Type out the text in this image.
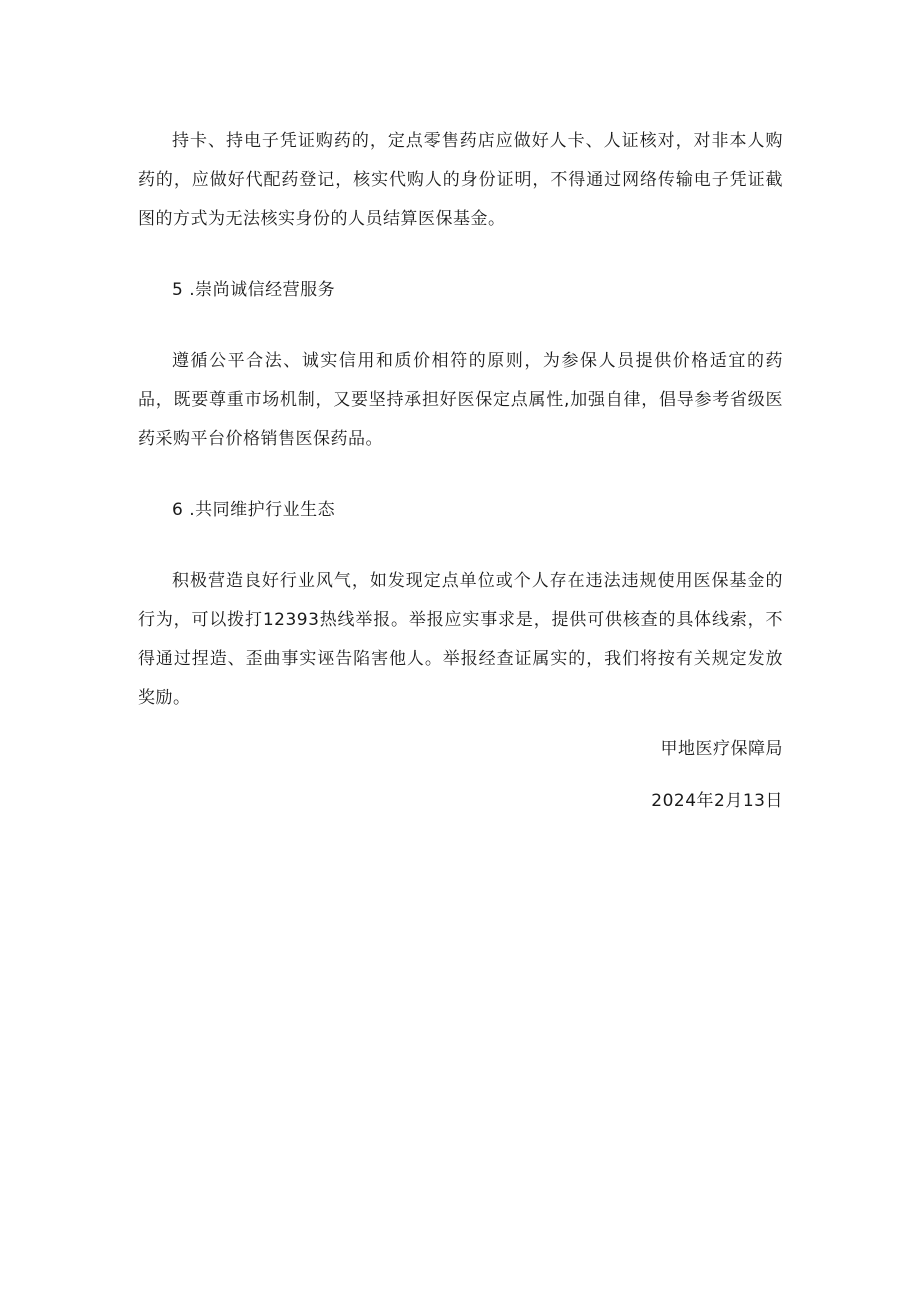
持卡、持电子凭证购药的，定点零售药店应做好人卡、人证核对，对非本人购药的，应做好代配药登记，核实代购人的身份证明，不得通过网络传输电子凭证截图的方式为无法核实身份的人员结算医保基金。

5 .崇尚诚信经营服务

遵循公平合法、诚实信用和质价相符的原则，为参保人员提供价格适宜的药品，既要尊重市场机制，又要坚持承担好医保定点属性,加强自律，倡导参考省级医药采购平台价格销售医保药品。

6 .共同维护行业生态

积极营造良好行业风气，如发现定点单位或个人存在违法违规使用医保基金的行为，可以拨打12393热线举报。举报应实事求是，提供可供核查的具体线索，不得通过捏造、歪曲事实诬告陷害他人。举报经查证属实的，我们将按有关规定发放奖励。

甲地医疗保障局

2024年2月13日
